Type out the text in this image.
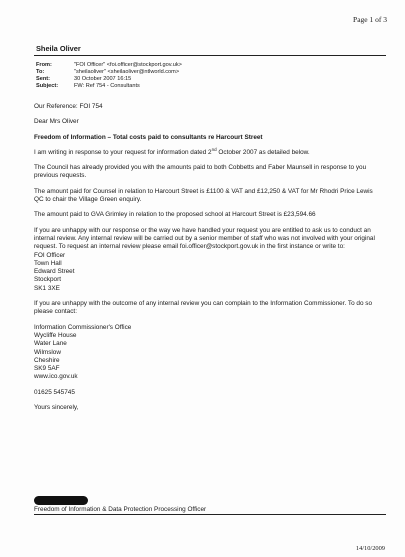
Page 1 of 3
Sheila Oliver
From:	"FOI Officer" <foi.officer@stockport.gov.uk>
To:	"sheilaoliver" <sheilaoliver@ntlworld.com>
Sent:	30 October 2007 16:15
Subject:	FW: Ref 754 - Consultants

Our Reference: FOI 754

Dear Mrs Oliver

Freedom of Information – Total costs paid to consultants re Harcourt Street

I am writing in response to your request for information dated 2nd October 2007 as detailed below.

The Council has already provided you with the amounts paid to both Cobbetts and Faber Maunsell in response to you previous requests.

The amount paid for Counsel in relation to Harcourt Street is £1100 & VAT and £12,250 & VAT for Mr Rhodri Price Lewis QC to chair the Village Green enquiry.

The amount paid to GVA Grimley in relation to the proposed school at Harcourt Street is £23,594.66

If you are unhappy with our response or the way we have handled your request you are entitled to ask us to conduct an internal review. Any internal review will be carried out by a senior member of staff who was not involved with your original request. To request an internal review please email foi.officer@stockport.gov.uk in the first instance or write to:

FOI Officer

Town Hall

Edward Street

Stockport

SK1 3XE

If you are unhappy with the outcome of any internal review you can complain to the Information Commissioner. To do so please contact:

Information Commissioner's Office

Wycliffe House

Water Lane

Wilmslow

Cheshire

SK9 5AF

www.ico.gov.uk

01625 545745

Yours sincerely,

Freedom of Information & Data Protection Processing Officer
14/10/2009
